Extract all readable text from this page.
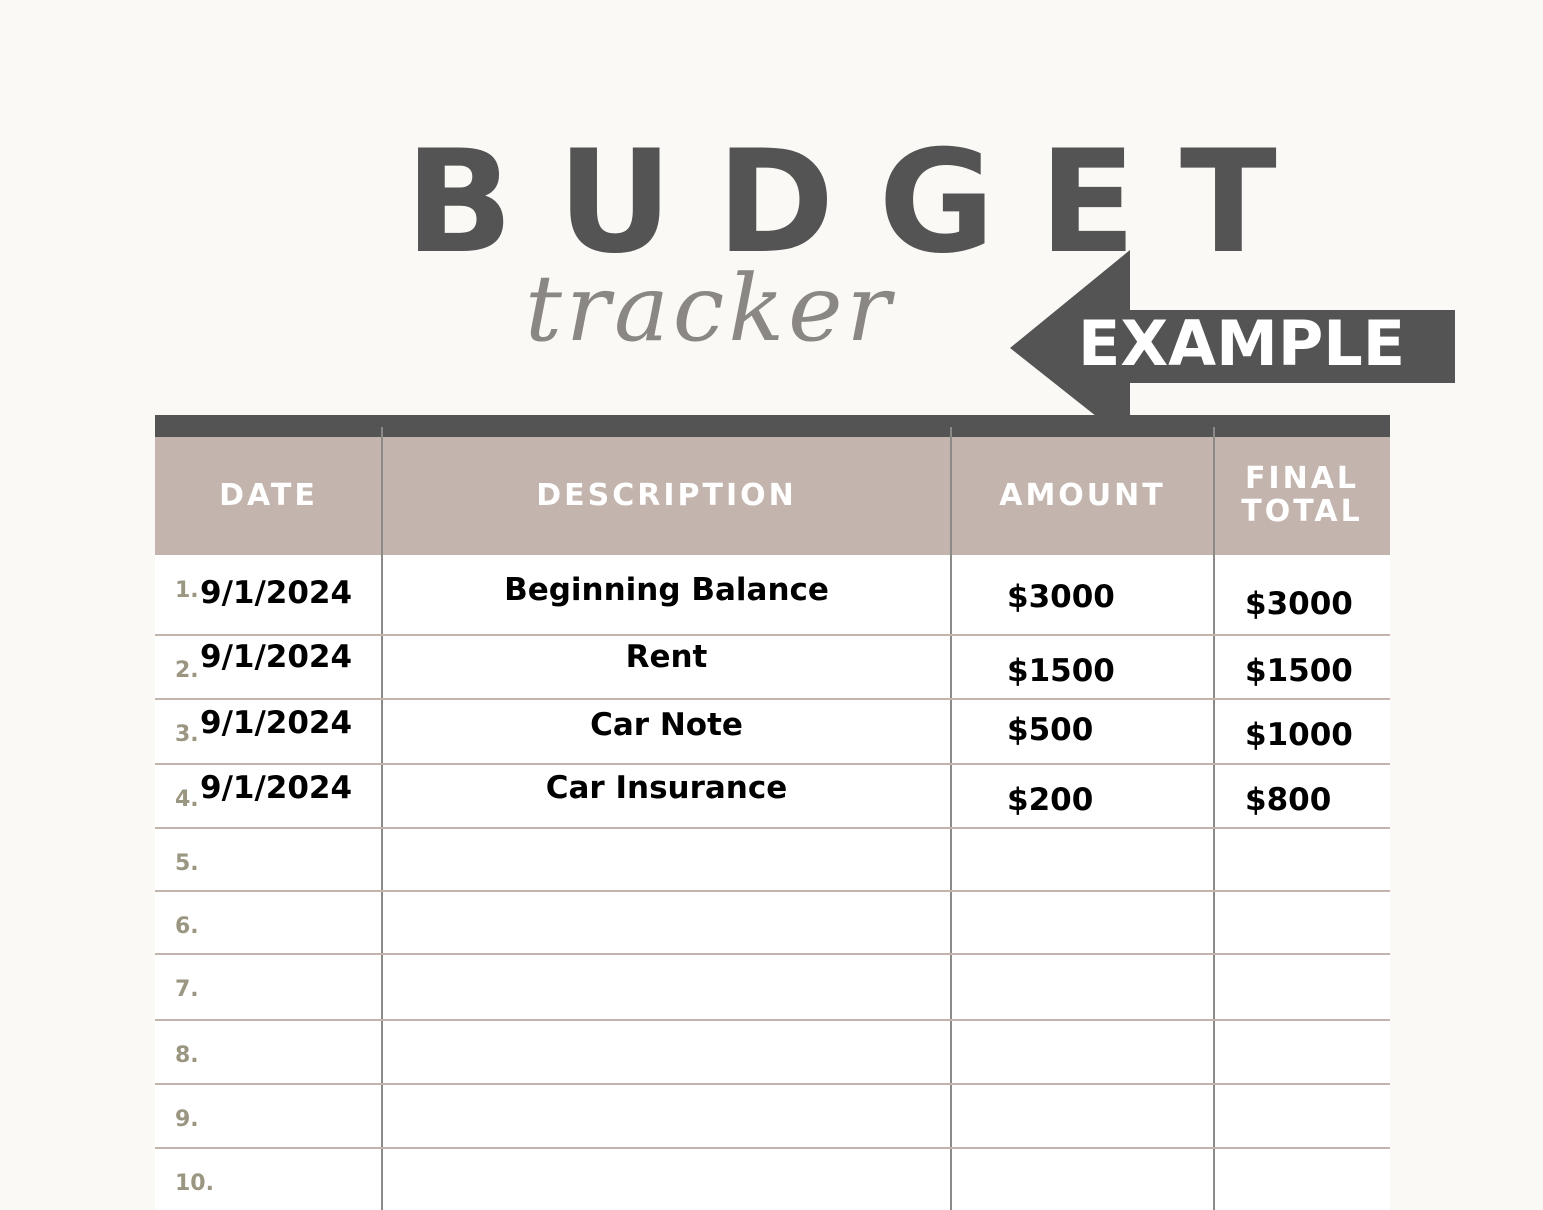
BUDGET
tracker	EXAMPLE
DATE	DESCRIPTION	AMOUNT	FINAL TOTAL
1. 9/1/2024	Beginning Balance	$3000	$3000
2. 9/1/2024	Rent	$1500	$1500
3. 9/1/2024	Car Note	$500	$1000
4. 9/1/2024	Car Insurance	$200	$800
5.
6.
7.
8.
9.
10.
